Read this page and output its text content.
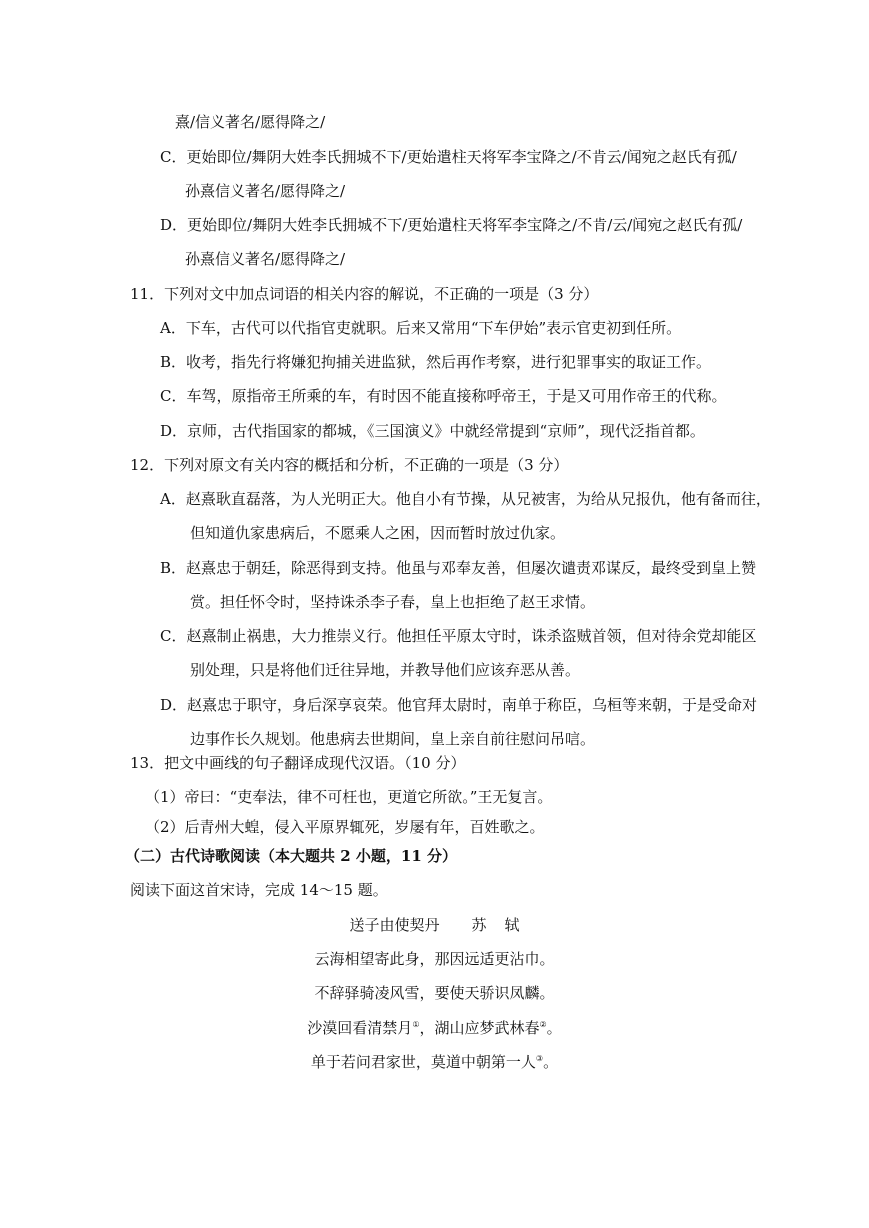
熹/信义著名/愿得降之/
C．更始即位/舞阴大姓李氏拥城不下/更始遣柱天将军李宝降之/不肯云/闻宛之赵氏有孤/
孙熹信义著名/愿得降之/
D．更始即位/舞阴大姓李氏拥城不下/更始遣柱天将军李宝降之/不肯/云/闻宛之赵氏有孤/
孙熹信义著名/愿得降之/
11．下列对文中加点词语的相关内容的解说，不正确的一项是（3 分）
A．下车，古代可以代指官吏就职。后来又常用“下车伊始”表示官吏初到任所。
B．收考，指先行将嫌犯拘捕关进监狱，然后再作考察，进行犯罪事实的取证工作。
C．车驾，原指帝王所乘的车，有时因不能直接称呼帝王，于是又可用作帝王的代称。
D．京师，古代指国家的都城，《三国演义》中就经常提到“京师”，现代泛指首都。
12．下列对原文有关内容的概括和分析，不正确的一项是（3 分）
A．赵熹耿直磊落，为人光明正大。他自小有节操，从兄被害，为给从兄报仇，他有备而往，
但知道仇家患病后，不愿乘人之困，因而暂时放过仇家。
B．赵熹忠于朝廷，除恶得到支持。他虽与邓奉友善，但屡次谴责邓谋反，最终受到皇上赞
赏。担任怀令时，坚持诛杀李子春，皇上也拒绝了赵王求情。
C．赵熹制止祸患，大力推崇义行。他担任平原太守时，诛杀盗贼首领，但对待余党却能区
别处理，只是将他们迁往异地，并教导他们应该弃恶从善。
D．赵熹忠于职守，身后深享哀荣。他官拜太尉时，南单于称臣，乌桓等来朝，于是受命对
边事作长久规划。他患病去世期间，皇上亲自前往慰问吊唁。
13．把文中画线的句子翻译成现代汉语。（10 分）
（1）帝曰：“吏奉法，律不可枉也，更道它所欲。”王无复言。
（2）后青州大蝗，侵入平原界辄死，岁屡有年，百姓歌之。
（二）古代诗歌阅读（本大题共 2 小题，11 分）
阅读下面这首宋诗，完成 14～15 题。
送子由使契丹 苏 轼
云海相望寄此身，那因远适更沾巾。
不辞驿骑凌风雪，要使天骄识凤麟。
沙漠回看清禁月①，湖山应梦武林春②。
单于若问君家世，莫道中朝第一人③。
